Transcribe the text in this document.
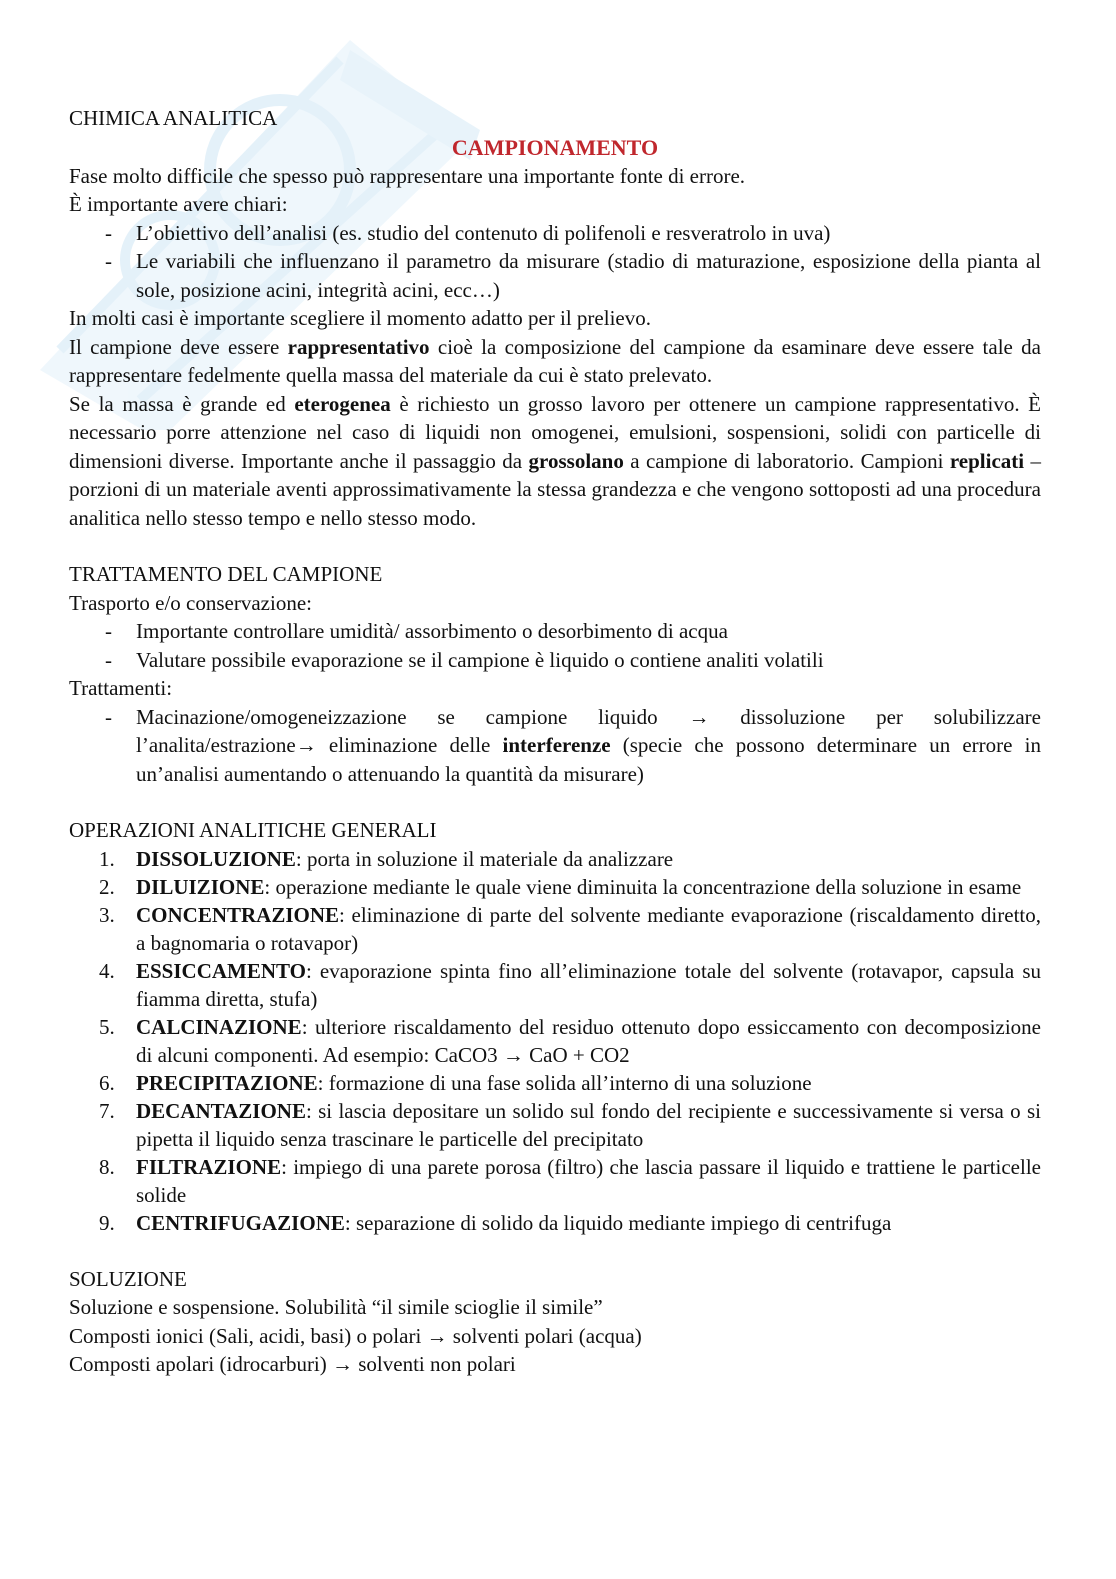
CHIMICA ANALITICA
CAMPIONAMENTO
Fase molto difficile che spesso può rappresentare una importante fonte di errore.
È importante avere chiari:
- L’obiettivo dell’analisi (es. studio del contenuto di polifenoli e resveratrolo in uva)
- Le variabili che influenzano il parametro da misurare (stadio di maturazione, esposizione della pianta al sole, posizione acini, integrità acini, ecc…)
In molti casi è importante scegliere il momento adatto per il prelievo.
Il campione deve essere rappresentativo cioè la composizione del campione da esaminare deve essere tale da rappresentare fedelmente quella massa del materiale da cui è stato prelevato.
Se la massa è grande ed eterogenea è richiesto un grosso lavoro per ottenere un campione rappresentativo. È necessario porre attenzione nel caso di liquidi non omogenei, emulsioni, sospensioni, solidi con particelle di dimensioni diverse. Importante anche il passaggio da grossolano a campione di laboratorio. Campioni replicati – porzioni di un materiale aventi approssimativamente la stessa grandezza e che vengono sottoposti ad una procedura analitica nello stesso tempo e nello stesso modo.
TRATTAMENTO DEL CAMPIONE
Trasporto e/o conservazione:
- Importante controllare umidità/ assorbimento o desorbimento di acqua
- Valutare possibile evaporazione se il campione è liquido o contiene analiti volatili
Trattamenti:
- Macinazione/omogeneizzazione se campione liquido → dissoluzione per solubilizzare l’analita/estrazione→ eliminazione delle interferenze (specie che possono determinare un errore in un’analisi aumentando o attenuando la quantità da misurare)
OPERAZIONI ANALITICHE GENERALI
1. DISSOLUZIONE: porta in soluzione il materiale da analizzare
2. DILUIZIONE: operazione mediante le quale viene diminuita la concentrazione della soluzione in esame
3. CONCENTRAZIONE: eliminazione di parte del solvente mediante evaporazione (riscaldamento diretto, a bagnomaria o rotavapor)
4. ESSICCAMENTO: evaporazione spinta fino all’eliminazione totale del solvente (rotavapor, capsula su fiamma diretta, stufa)
5. CALCINAZIONE: ulteriore riscaldamento del residuo ottenuto dopo essiccamento con decomposizione di alcuni componenti. Ad esempio: CaCO3 → CaO + CO2
6. PRECIPITAZIONE: formazione di una fase solida all’interno di una soluzione
7. DECANTAZIONE: si lascia depositare un solido sul fondo del recipiente e successivamente si versa o si pipetta il liquido senza trascinare le particelle del precipitato
8. FILTRAZIONE: impiego di una parete porosa (filtro) che lascia passare il liquido e trattiene le particelle solide
9. CENTRIFUGAZIONE: separazione di solido da liquido mediante impiego di centrifuga
SOLUZIONE
Soluzione e sospensione. Solubilità “il simile scioglie il simile”
Composti ionici (Sali, acidi, basi) o polari → solventi polari (acqua)
Composti apolari (idrocarburi) → solventi non polari
